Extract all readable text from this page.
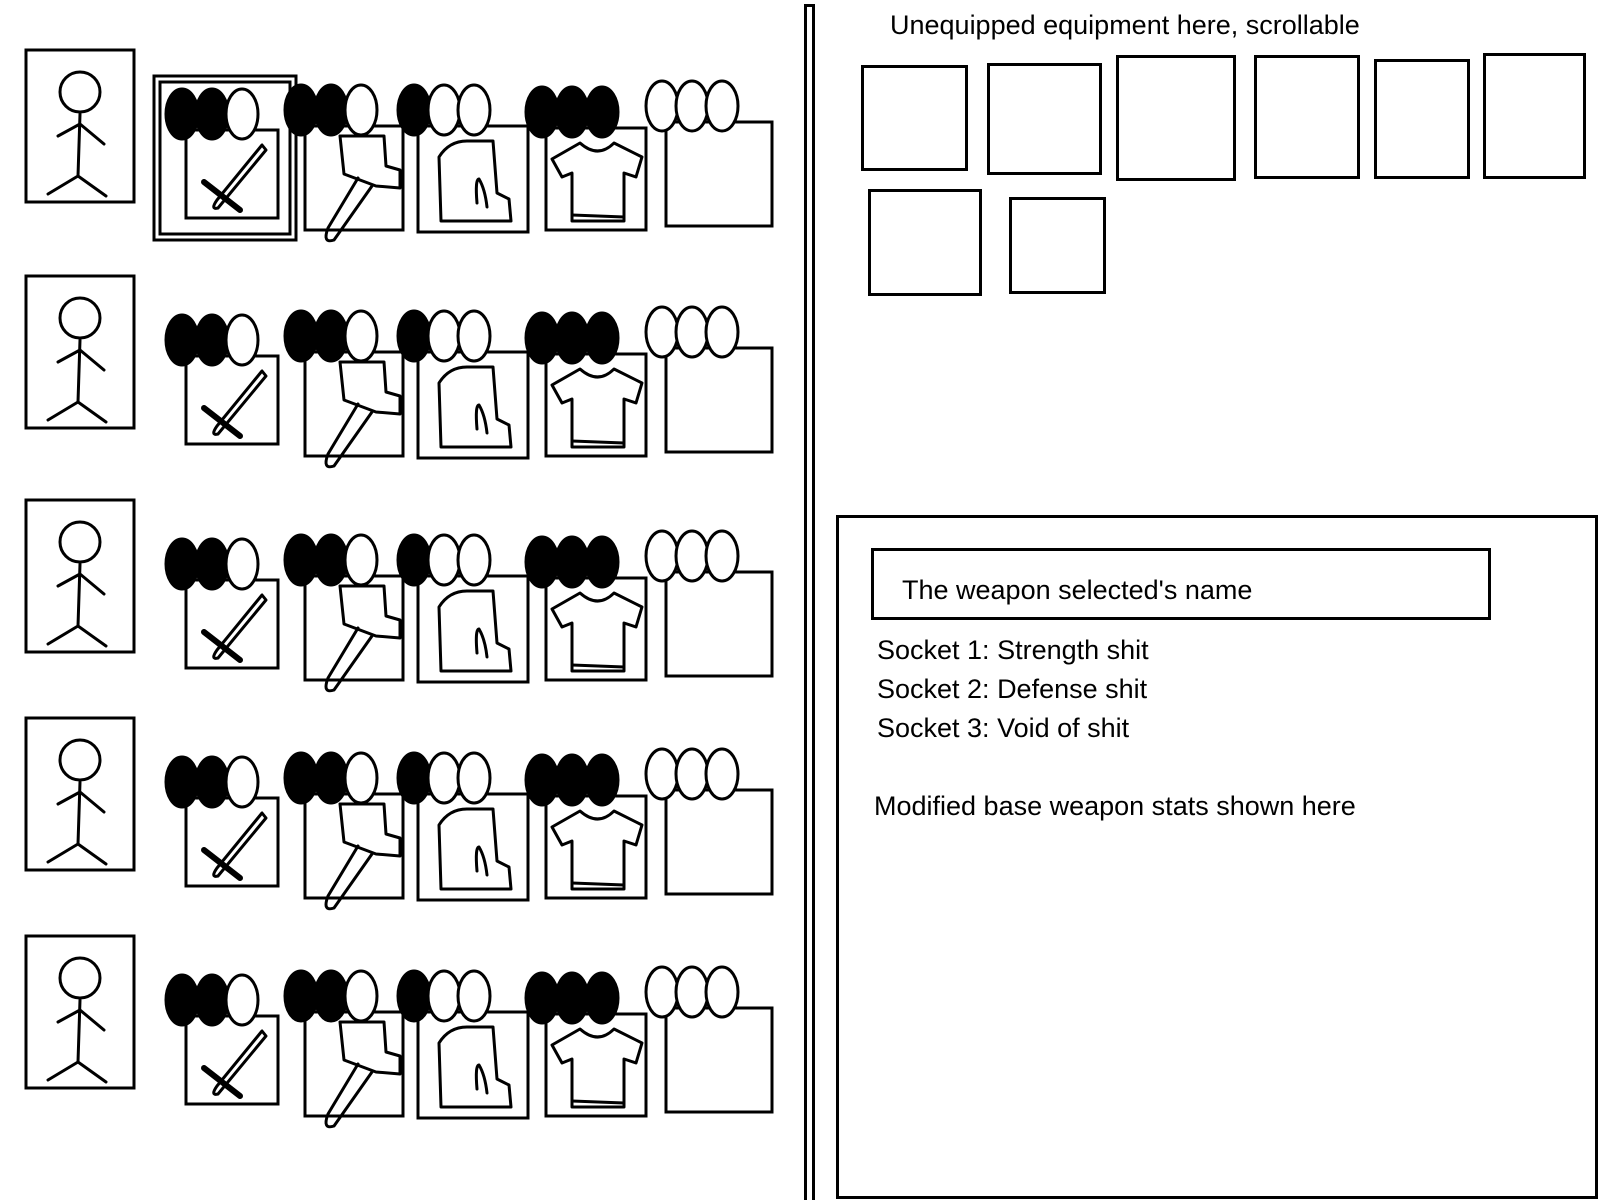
Unequipped equipment here, scrollable
The weapon selected's name
Socket 1: Strength shit
Socket 2: Defense shit
Socket 3: Void of shit
Modified base weapon stats shown here
